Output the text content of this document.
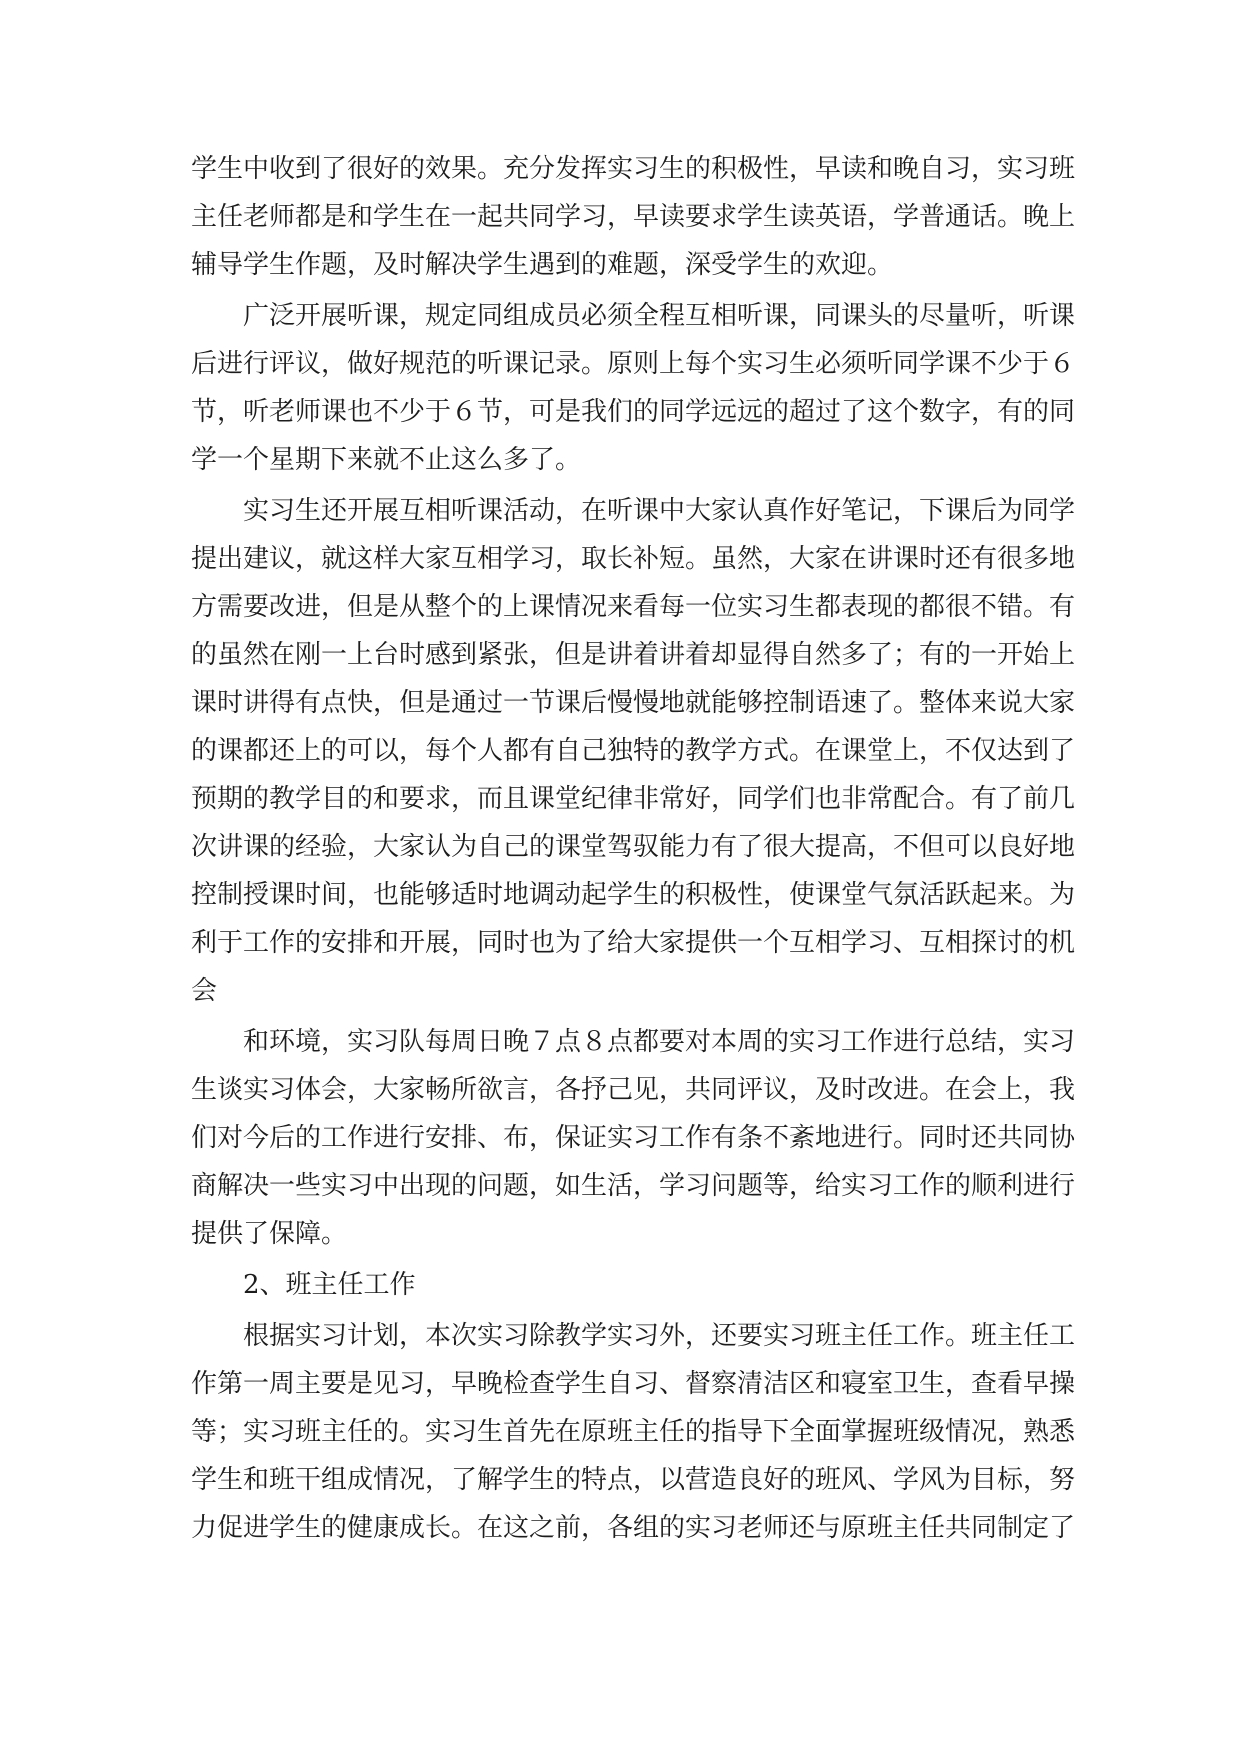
学生中收到了很好的效果。充分发挥实习生的积极性，早读和晚自习，实习班
主任老师都是和学生在一起共同学习，早读要求学生读英语，学普通话。晚上
辅导学生作题，及时解决学生遇到的难题，深受学生的欢迎。
广泛开展听课，规定同组成员必须全程互相听课，同课头的尽量听，听课
后进行评议，做好规范的听课记录。原则上每个实习生必须听同学课不少于６
节，听老师课也不少于６节，可是我们的同学远远的超过了这个数字，有的同
学一个星期下来就不止这么多了。
实习生还开展互相听课活动，在听课中大家认真作好笔记，下课后为同学
提出建议，就这样大家互相学习，取长补短。虽然，大家在讲课时还有很多地
方需要改进，但是从整个的上课情况来看每一位实习生都表现的都很不错。有
的虽然在刚一上台时感到紧张，但是讲着讲着却显得自然多了；有的一开始上
课时讲得有点快，但是通过一节课后慢慢地就能够控制语速了。整体来说大家
的课都还上的可以，每个人都有自己独特的教学方式。在课堂上，不仅达到了
预期的教学目的和要求，而且课堂纪律非常好，同学们也非常配合。有了前几
次讲课的经验，大家认为自己的课堂驾驭能力有了很大提高，不但可以良好地
控制授课时间，也能够适时地调动起学生的积极性，使课堂气氛活跃起来。为
利于工作的安排和开展，同时也为了给大家提供一个互相学习、互相探讨的机
会
和环境，实习队每周日晚７点８点都要对本周的实习工作进行总结，实习
生谈实习体会，大家畅所欲言，各抒己见，共同评议，及时改进。在会上，我
们对今后的工作进行安排、布，保证实习工作有条不紊地进行。同时还共同协
商解决一些实习中出现的问题，如生活，学习问题等，给实习工作的顺利进行
提供了保障。
2、班主任工作
根据实习计划，本次实习除教学实习外，还要实习班主任工作。班主任工
作第一周主要是见习，早晚检查学生自习、督察清洁区和寝室卫生，查看早操
等；实习班主任的。实习生首先在原班主任的指导下全面掌握班级情况，熟悉
学生和班干组成情况，了解学生的特点，以营造良好的班风、学风为目标，努
力促进学生的健康成长。在这之前，各组的实习老师还与原班主任共同制定了
